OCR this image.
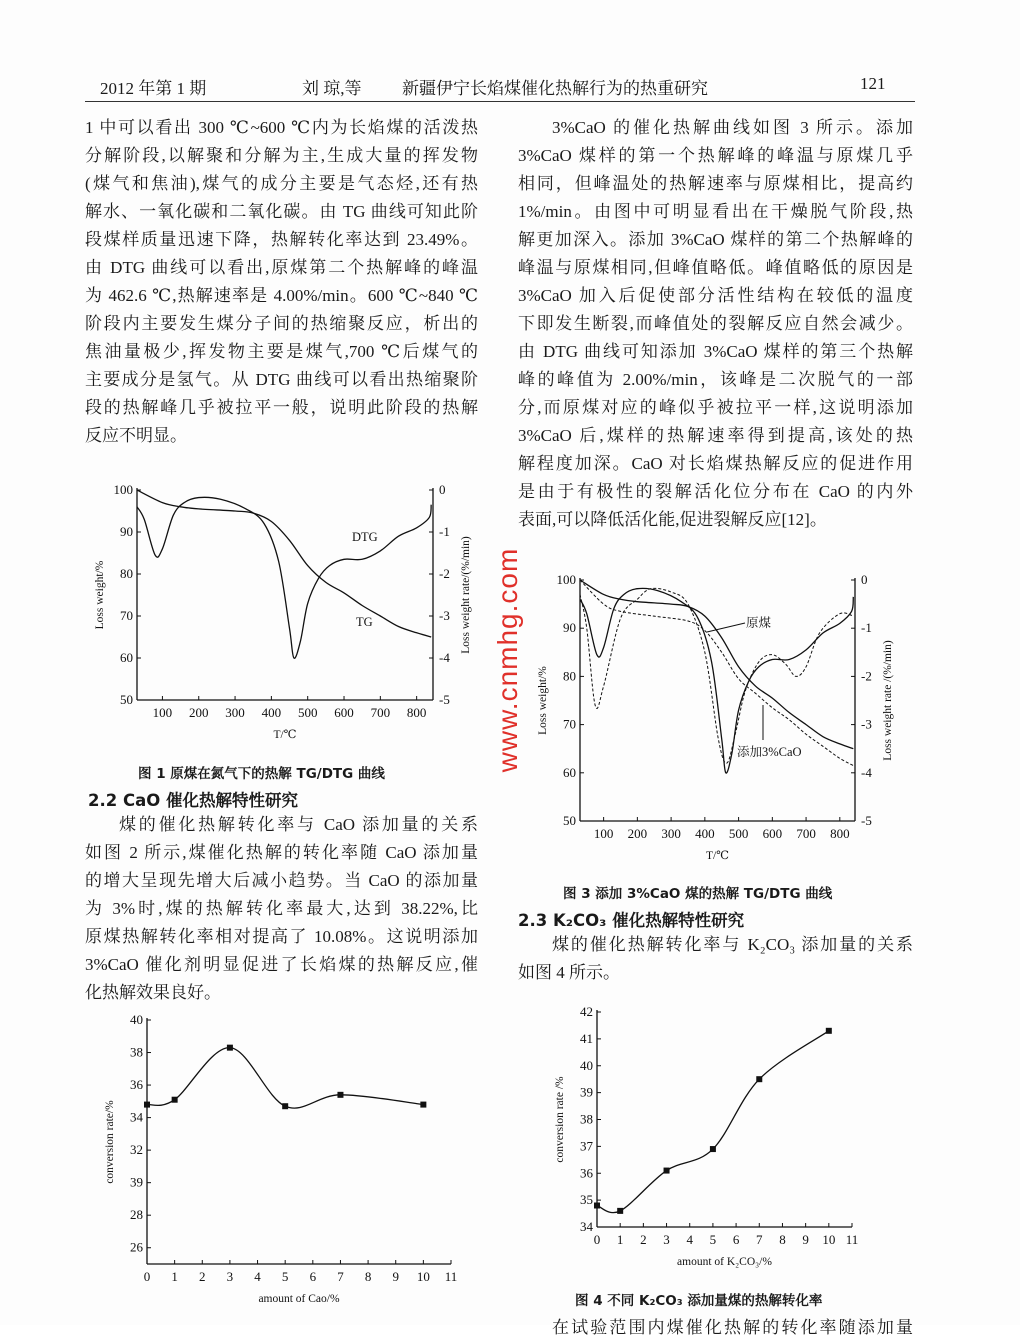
2012 年第 1 期	刘 琼,等 新疆伊宁长焰煤催化热解行为的热重研究	121
1 中可以看出 300 ℃~600 ℃内为长焰煤的活泼热
分解阶段,以解聚和分解为主,生成大量的挥发物
(煤气和焦油),煤气的成分主要是气态烃,还有热
解水、一氧化碳和二氧化碳。由 TG 曲线可知此阶
段煤样质量迅速下降，热解转化率达到 23.49%。
由 DTG 曲线可以看出,原煤第二个热解峰的峰温
为 462.6 ℃,热解速率是 4.00%/min。600 ℃~840 ℃
阶段内主要发生煤分子间的热缩聚反应，析出的
焦油量极少,挥发物主要是煤气,700 ℃后煤气的
主要成分是氢气。从 DTG 曲线可以看出热缩聚阶
段的热解峰几乎被拉平一般，说明此阶段的热解
反应不明显。
煤的催化热解转化率与 CaO 添加量的关系
如图 2 所示,煤催化热解的转化率随 CaO 添加量
的增大呈现先增大后减小趋势。当 CaO 的添加量
为 3%时,煤的热解转化率最大,达到 38.22%,比
原煤热解转化率相对提高了 10.08%。这说明添加
3%CaO 催化剂明显促进了长焰煤的热解反应,催
化热解效果良好。
3%CaO 的催化热解曲线如图 3 所示。添加
3%CaO 煤样的第一个热解峰的峰温与原煤几乎
相同，但峰温处的热解速率与原煤相比，提高约
1%/min。由图中可明显看出在干燥脱气阶段,热
解更加深入。添加 3%CaO 煤样的第二个热解峰的
峰温与原煤相同,但峰值略低。峰值略低的原因是
3%CaO 加入后促使部分活性结构在较低的温度
下即发生断裂,而峰值处的裂解反应自然会减少。
由 DTG 曲线可知添加 3%CaO 煤样的第三个热解
峰的峰值为 2.00%/min，该峰是二次脱气的一部
分,而原煤对应的峰似乎被拉平一样,这说明添加
3%CaO 后,煤样的热解速率得到提高,该处的热
解程度加深。CaO 对长焰煤热解反应的促进作用
是由于有极性的裂解活化位分布在 CaO 的内外
表面,可以降低活化能,促进裂解反应[12]。
煤的催化热解转化率与 K₂CO₃ 添加量的关系
如图 4 所示。
在试验范围内煤催化热解的转化率随添加量
图 1 原煤在氮气下的热解 TG/DTG 曲线
2.2 CaO 催化热解特性研究
图 3 添加 3%CaO 煤的热解 TG/DTG 曲线
2.3 K₂CO₃ 催化热解特性研究
图 4 不同 K₂CO₃ 添加量煤的热解转化率
100 200 300 400 500 600 700 800
50
60
70
80
90
100
-5
-4
-3
-2
-1
0
T/℃
Loss weight/%	Loss weight rate/(%/min)
DTG
TG
100 200 300 400 500 600 700 800
50
60
70
80
90
100
-5
-4
-3
-2
-1
0
T/℃
Loss weight/%	Loss weight rate /(%/min)
原煤
添加3%CaO
0 1 2 3 4 5 6 7 8 9 10 11
26
28
39
32
34
36
38
40
amount of Cao/%
conversion rate/%
0 1 2 3 4 5 6 7 8 9 10 11
34
35
36
37
38
39
40
41
42
amount of K₂CO₃/%
conversion rate /%
www.cnmhg.com
